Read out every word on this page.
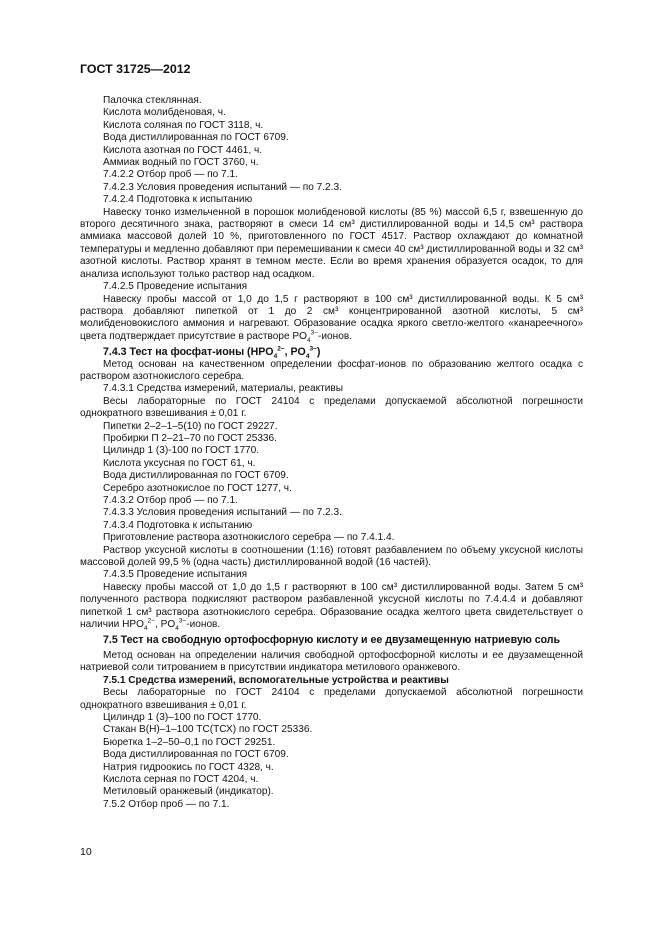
ГОСТ 31725—2012
Палочка стеклянная.
Кислота молибденовая, ч.
Кислота соляная по ГОСТ 3118, ч.
Вода дистиллированная по ГОСТ 6709.
Кислота азотная по ГОСТ 4461, ч.
Аммиак водный по ГОСТ 3760, ч.
7.4.2.2 Отбор проб — по 7.1.
7.4.2.3 Условия проведения испытаний — по 7.2.3.
7.4.2.4 Подготовка к испытанию
Навеску тонко измельченной в порошок молибденовой кислоты (85 %) массой 6,5 г, взвешенную до второго десятичного знака, растворяют в смеси 14 см³ дистиллированной воды и 14,5 см³ раствора аммиака массовой долей 10 %, приготовленного по ГОСТ 4517. Раствор охлаждают до комнатной температуры и медленно добавляют при перемешивании к смеси 40 см³ дистиллированной воды и 32 см³ азотной кислоты. Раствор хранят в темном месте. Если во время хранения образуется осадок, то для анализа используют только раствор над осадком.
7.4.2.5 Проведение испытания
Навеску пробы массой от 1,0 до 1,5 г растворяют в 100 см³ дистиллированной воды. К 5 см³ раствора добавляют пипеткой от 1 до 2 см³ концентрированной азотной кислоты, 5 см³ молибденовокислого аммония и нагревают. Образование осадка яркого светло-желтого «канареечного» цвета подтверждает присутствие в растворе $PO_4^{3-}$-ионов.
7.4.3 Тест на фосфат-ионы ($HPO_4^{2-}$, $PO_4^{3-}$)
Метод основан на качественном определении фосфат-ионов по образованию желтого осадка с раствором азотнокислого серебра.
7.4.3.1 Средства измерений, материалы, реактивы
Весы лабораторные по ГОСТ 24104 с пределами допускаемой абсолютной погрешности однократного взвешивания ± 0,01 г.
Пипетки 2–2–1–5(10) по ГОСТ 29227.
Пробирки П 2–21–70 по ГОСТ 25336.
Цилиндр 1 (3)-100 по ГОСТ 1770.
Кислота уксусная по ГОСТ 61, ч.
Вода дистиллированная по ГОСТ 6709.
Серебро азотнокислое по ГОСТ 1277, ч.
7.4.3.2 Отбор проб — по 7.1.
7.4.3.3 Условия проведения испытаний — по 7.2.3.
7.4.3.4 Подготовка к испытанию
Приготовление раствора азотнокислого серебра — по 7.4.1.4.
Раствор уксусной кислоты в соотношении (1:16) готовят разбавлением по объему уксусной кислоты массовой долей 99,5 % (одна часть) дистиллированной водой (16 частей).
7.4.3.5 Проведение испытания
Навеску пробы массой от 1,0 до 1,5 г растворяют в 100 см³ дистиллированной воды. Затем 5 см³ полученного раствора подкисляют раствором разбавленной уксусной кислоты по 7.4.4.4 и добавляют пипеткой 1 см³ раствора азотнокислого серебра. Образование осадка желтого цвета свидетельствует о наличии $HPO_4^{2-}$, $PO_4^{3-}$-ионов.
7.5 Тест на свободную ортофосфорную кислоту и ее двузамещенную натриевую соль
Метод основан на определении наличия свободной ортофосфорной кислоты и ее двузамещенной натриевой соли титрованием в присутствии индикатора метилового оранжевого.
7.5.1 Средства измерений, вспомогательные устройства и реактивы
Весы лабораторные по ГОСТ 24104 с пределами допускаемой абсолютной погрешности однократного взвешивания ± 0,01 г.
Цилиндр 1 (3)–100 по ГОСТ 1770.
Стакан В(Н)–1–100 ТС(ТСХ) по ГОСТ 25336.
Бюретка 1–2–50–0,1 по ГОСТ 29251.
Вода дистиллированная по ГОСТ 6709.
Натрия гидроокись по ГОСТ 4328, ч.
Кислота серная по ГОСТ 4204, ч.
Метиловый оранжевый (индикатор).
7.5.2 Отбор проб — по 7.1.
10
